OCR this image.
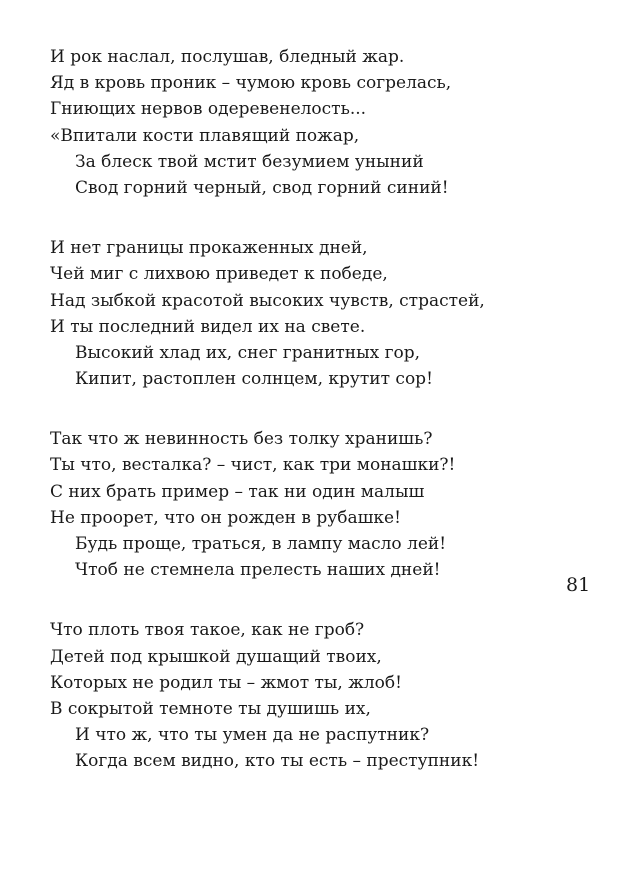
И рок наслал, послушав, бледный жар.
Яд в кровь проник – чумою кровь согрелась,
Гниющих нервов одеревенелость...
«Впитали кости плавящий пожар,
За блеск твой мстит безумием уныний
Свод горний черный, свод горний синий!
И нет границы прокаженных дней,
Чей миг с лихвою приведет к победе,
Над зыбкой красотой высоких чувств, страстей,
И ты последний видел их на свете.
Высокий хлад их, снег гранитных гор,
Кипит, растоплен солнцем, крутит сор!
Так что ж невинность без толку хранишь?
Ты что, весталка? – чист, как три монашки?!
С них брать пример – так ни один малыш
Не проорет, что он рожден в рубашке!
Будь проще, трать​ся, в лампу масло лей!
Чтоб не стемнела прелесть наших дней!
Что плоть твоя такое, как не гроб?
Детей под крышкой душащий твоих,
Которых не родил ты – жмот ты, жлоб!
В сокрытой темноте ты душишь их,
И что ж, что ты умен да не распутник?
Когда всем видно, кто ты есть – преступник!
81
